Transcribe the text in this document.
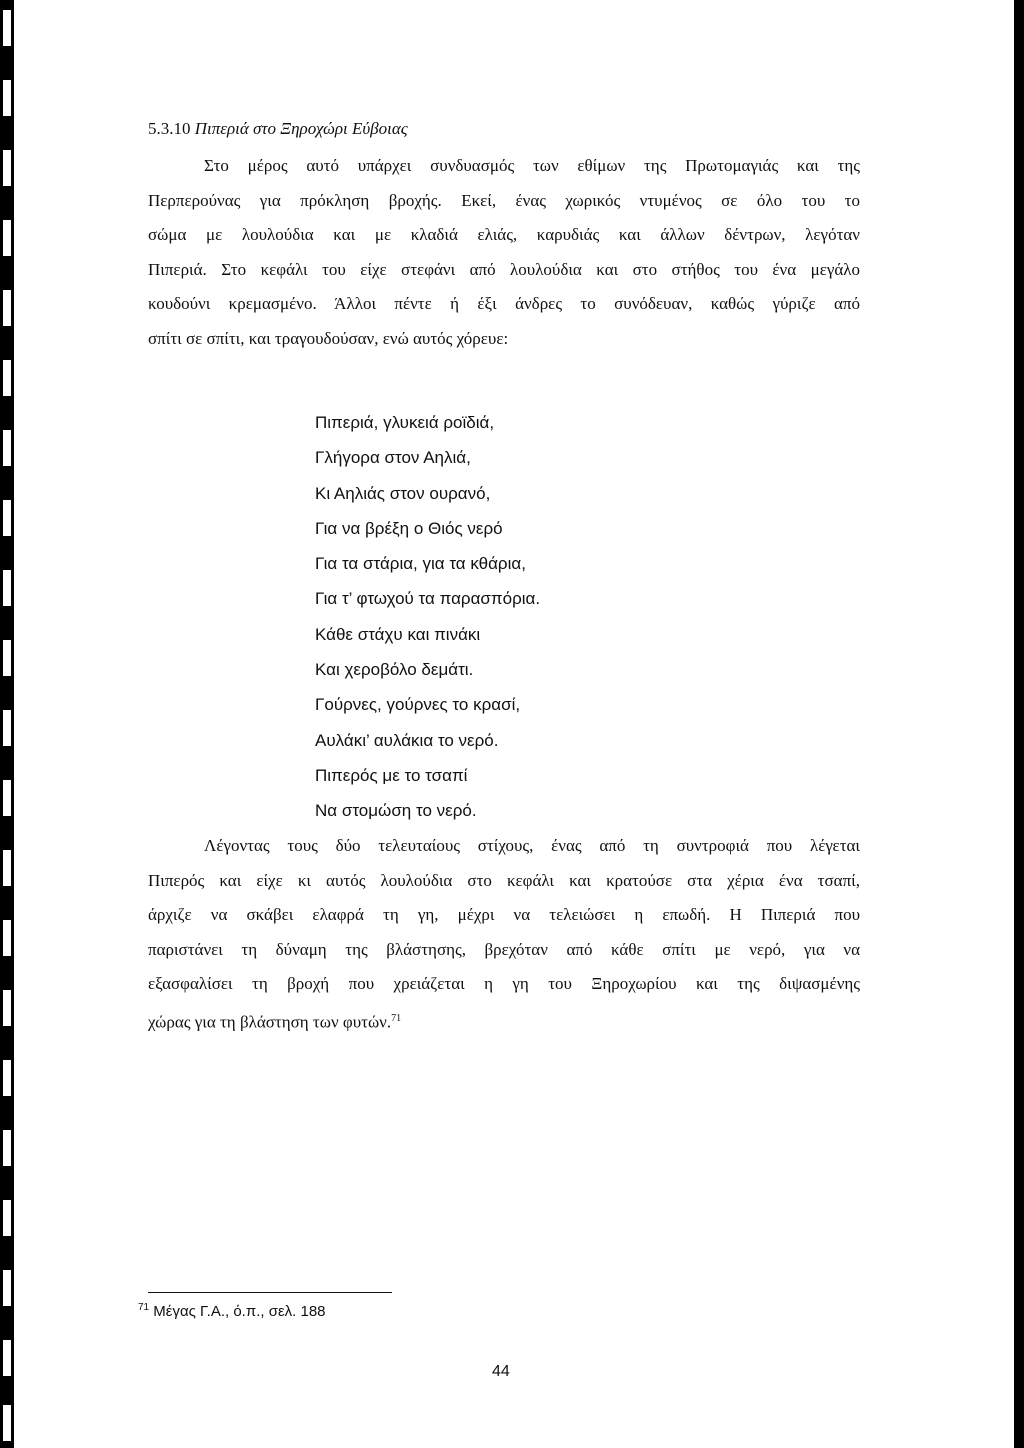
5.3.10 Πιπεριά στο Ξηροχώρι Εύβοιας
Στο μέρος αυτό υπάρχει συνδυασμός των εθίμων της Πρωτομαγιάς και της
Περπερούνας για πρόκληση βροχής. Εκεί, ένας χωρικός ντυμένος σε όλο του το
σώμα με λουλούδια και με κλαδιά ελιάς, καρυδιάς και άλλων δέντρων, λεγόταν
Πιπεριά. Στο κεφάλι του είχε στεφάνι από λουλούδια και στο στήθος του ένα μεγάλο
κουδούνι κρεμασμένο. Άλλοι πέντε ή έξι άνδρες το συνόδευαν, καθώς γύριζε από
σπίτι σε σπίτι, και τραγουδούσαν, ενώ αυτός χόρευε:
Πιπεριά, γλυκειά ροϊδιά,
Γλήγορα στον Αηλιά,
Κι Αηλιάς στον ουρανό,
Για να βρέξη ο Θιός νερό
Για τα στάρια, για τα κθάρια,
Για τ’ φτωχού τα παρασπόρια.
Κάθε στάχυ και πινάκι
Και χεροβόλο δεμάτι.
Γούρνες, γούρνες το κρασί,
Αυλάκι’ αυλάκια το νερό.
Πιπερός με το τσαπί
Να στομώση το νερό.
Λέγοντας τους δύο τελευταίους στίχους, ένας από τη συντροφιά που λέγεται
Πιπερός και είχε κι αυτός λουλούδια στο κεφάλι και κρατούσε στα χέρια ένα τσαπί,
άρχιζε να σκάβει ελαφρά τη γη, μέχρι να τελειώσει η επωδή. Η Πιπεριά που
παριστάνει τη δύναμη της βλάστησης, βρεχόταν από κάθε σπίτι με νερό, για να
εξασφαλίσει τη βροχή που χρειάζεται η γη του Ξηροχωρίου και της διψασμένης
χώρας για τη βλάστηση των φυτών.$^{71}$
$^{71}$ Μέγας Γ.Α., ό.π., σελ. 188
44
